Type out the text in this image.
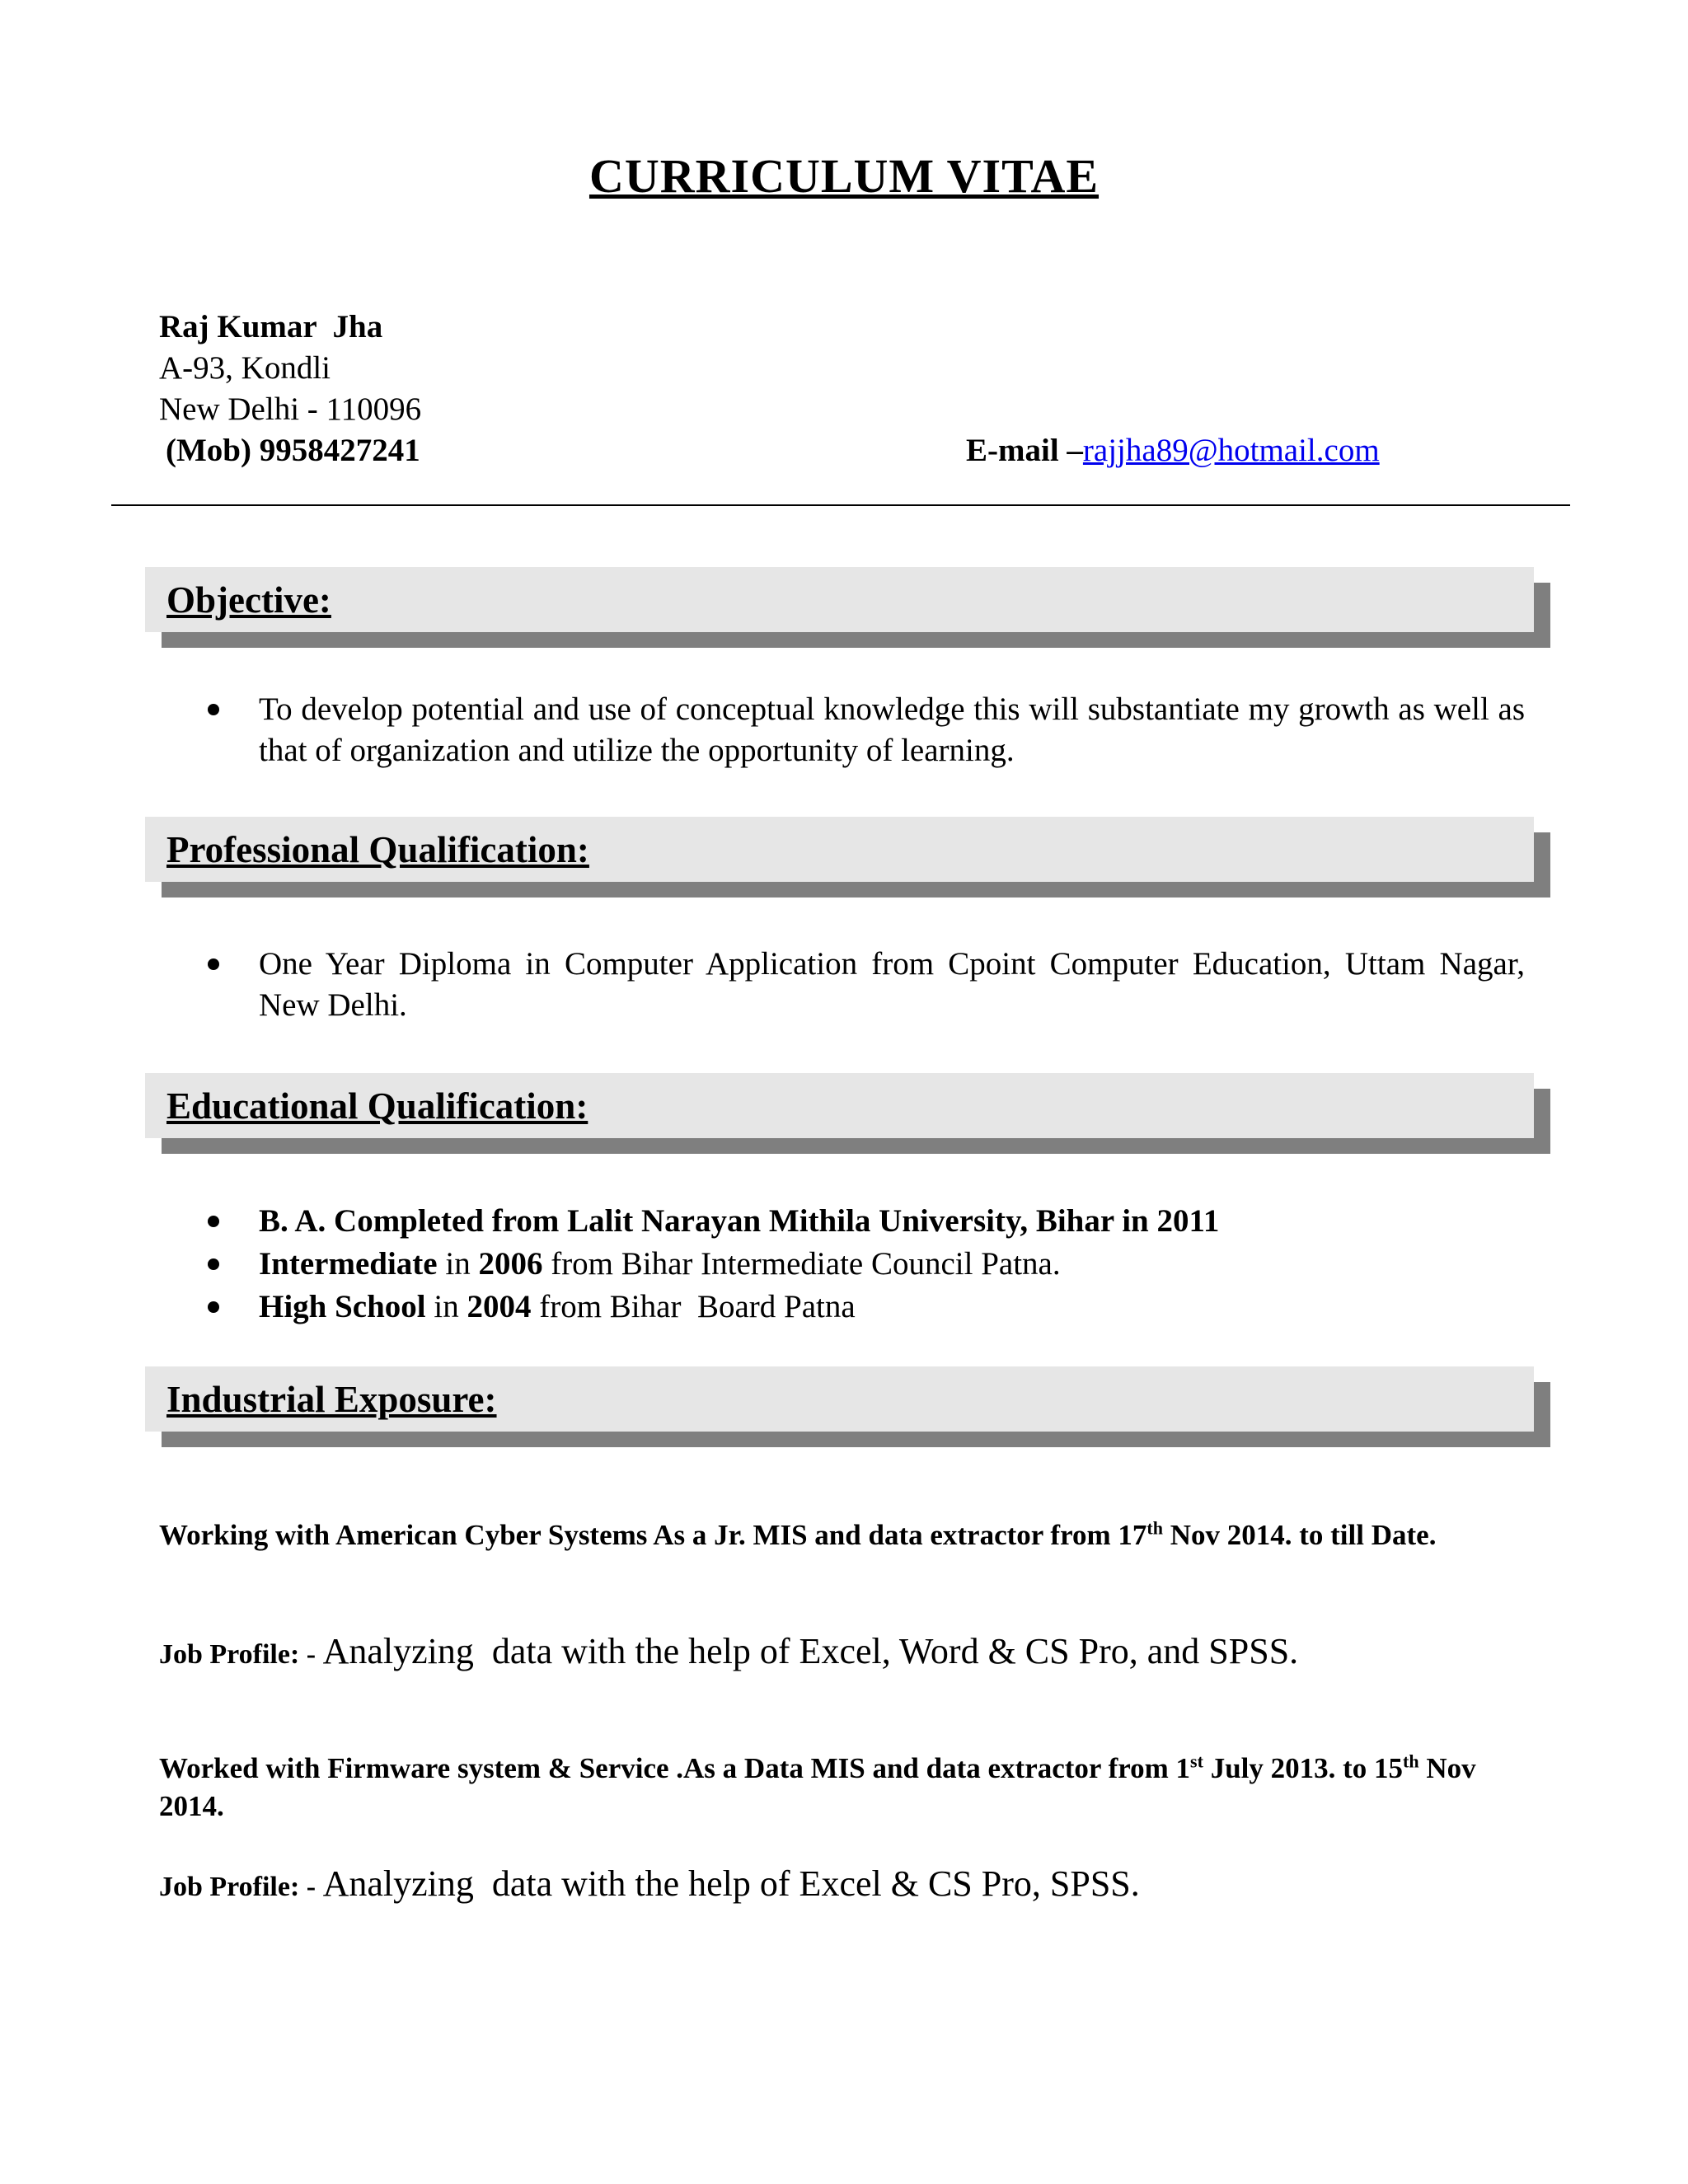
CURRICULUM VITAE
Raj Kumar  Jha
A-93, Kondli
New Delhi - 110096
(Mob) 9958427241	E-mail –rajjha89@hotmail.com
Objective:
To develop potential and use of conceptual knowledge this will substantiate my growth as well as that of organization and utilize the opportunity of learning.
Professional Qualification:
One Year Diploma in Computer Application from Cpoint Computer Education, Uttam Nagar, New Delhi.
Educational Qualification:
B. A. Completed from Lalit Narayan Mithila University, Bihar in 2011
Intermediate in 2006 from Bihar Intermediate Council Patna.
High School in 2004 from Bihar  Board Patna
Industrial Exposure:
Working with American Cyber Systems As a Jr. MIS and data extractor from 17th Nov 2014. to till Date.
Job Profile: - Analyzing  data with the help of Excel, Word & CS Pro, and SPSS.
Worked with Firmware system & Service .As a Data MIS and data extractor from 1st July 2013. to 15th Nov 2014.
Job Profile: - Analyzing  data with the help of Excel & CS Pro, SPSS.
